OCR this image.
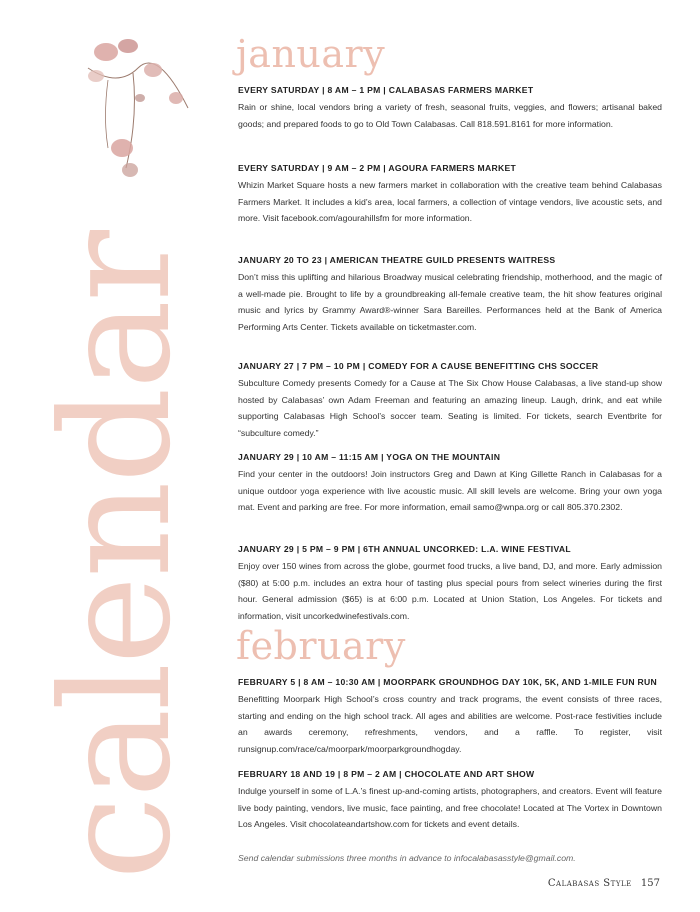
calendar
january
EVERY SATURDAY | 8 AM – 1 PM | CALABASAS FARMERS MARKET
Rain or shine, local vendors bring a variety of fresh, seasonal fruits, veggies, and flowers; artisanal baked goods; and prepared foods to go to Old Town Calabasas. Call 818.591.8161 for more information.
EVERY SATURDAY | 9 AM – 2 PM | AGOURA FARMERS MARKET
Whizin Market Square hosts a new farmers market in collaboration with the creative team behind Calabasas Farmers Market. It includes a kid’s area, local farmers, a collection of vintage vendors, live acoustic sets, and more. Visit facebook.com/agourahillsfm for more information.
JANUARY 20 TO 23 | AMERICAN THEATRE GUILD PRESENTS WAITRESS
Don’t miss this uplifting and hilarious Broadway musical celebrating friendship, motherhood, and the magic of a well-made pie. Brought to life by a groundbreaking all-female creative team, the hit show features original music and lyrics by Grammy Award®-winner Sara Bareilles. Performances held at the Bank of America Performing Arts Center. Tickets available on ticketmaster.com.
JANUARY 27 | 7 PM – 10 PM | COMEDY FOR A CAUSE BENEFITTING CHS SOCCER
Subculture Comedy presents Comedy for a Cause at The Six Chow House Calabasas, a live stand-up show hosted by Calabasas’ own Adam Freeman and featuring an amazing lineup. Laugh, drink, and eat while supporting Calabasas High School’s soccer team. Seating is limited. For tickets, search Eventbrite for “subculture comedy.”
JANUARY 29 | 10 AM – 11:15 AM | YOGA ON THE MOUNTAIN
Find your center in the outdoors! Join instructors Greg and Dawn at King Gillette Ranch in Calabasas for a unique outdoor yoga experience with live acoustic music. All skill levels are welcome. Bring your own yoga mat. Event and parking are free. For more information, email samo@wnpa.org or call 805.370.2302.
JANUARY 29 | 5 PM – 9 PM | 6TH ANNUAL UNCORKED: L.A. WINE FESTIVAL
Enjoy over 150 wines from across the globe, gourmet food trucks, a live band, DJ, and more. Early admission ($80) at 5:00 p.m. includes an extra hour of tasting plus special pours from select wineries during the first hour. General admission ($65) is at 6:00 p.m. Located at Union Station, Los Angeles. For tickets and information, visit uncorkedwinefestivals.com.
february
FEBRUARY 5 | 8 AM – 10:30 AM | MOORPARK GROUNDHOG DAY 10K, 5K, AND 1-MILE FUN RUN
Benefitting Moorpark High School’s cross country and track programs, the event consists of three races, starting and ending on the high school track. All ages and abilities are welcome. Post-race festivities include an awards ceremony, refreshments, vendors, and a raffle. To register, visit runsignup.com/race/ca/moorpark/moorparkgroundhogday.
FEBRUARY 18 AND 19 | 8 PM – 2 AM | CHOCOLATE AND ART SHOW
Indulge yourself in some of L.A.’s finest up-and-coming artists, photographers, and creators. Event will feature live body painting, vendors, live music, face painting, and free chocolate! Located at The Vortex in Downtown Los Angeles. Visit chocolateandartshow.com for tickets and event details.
Send calendar submissions three months in advance to infocalabasasstyle@gmail.com.
Calabasas Style 157
